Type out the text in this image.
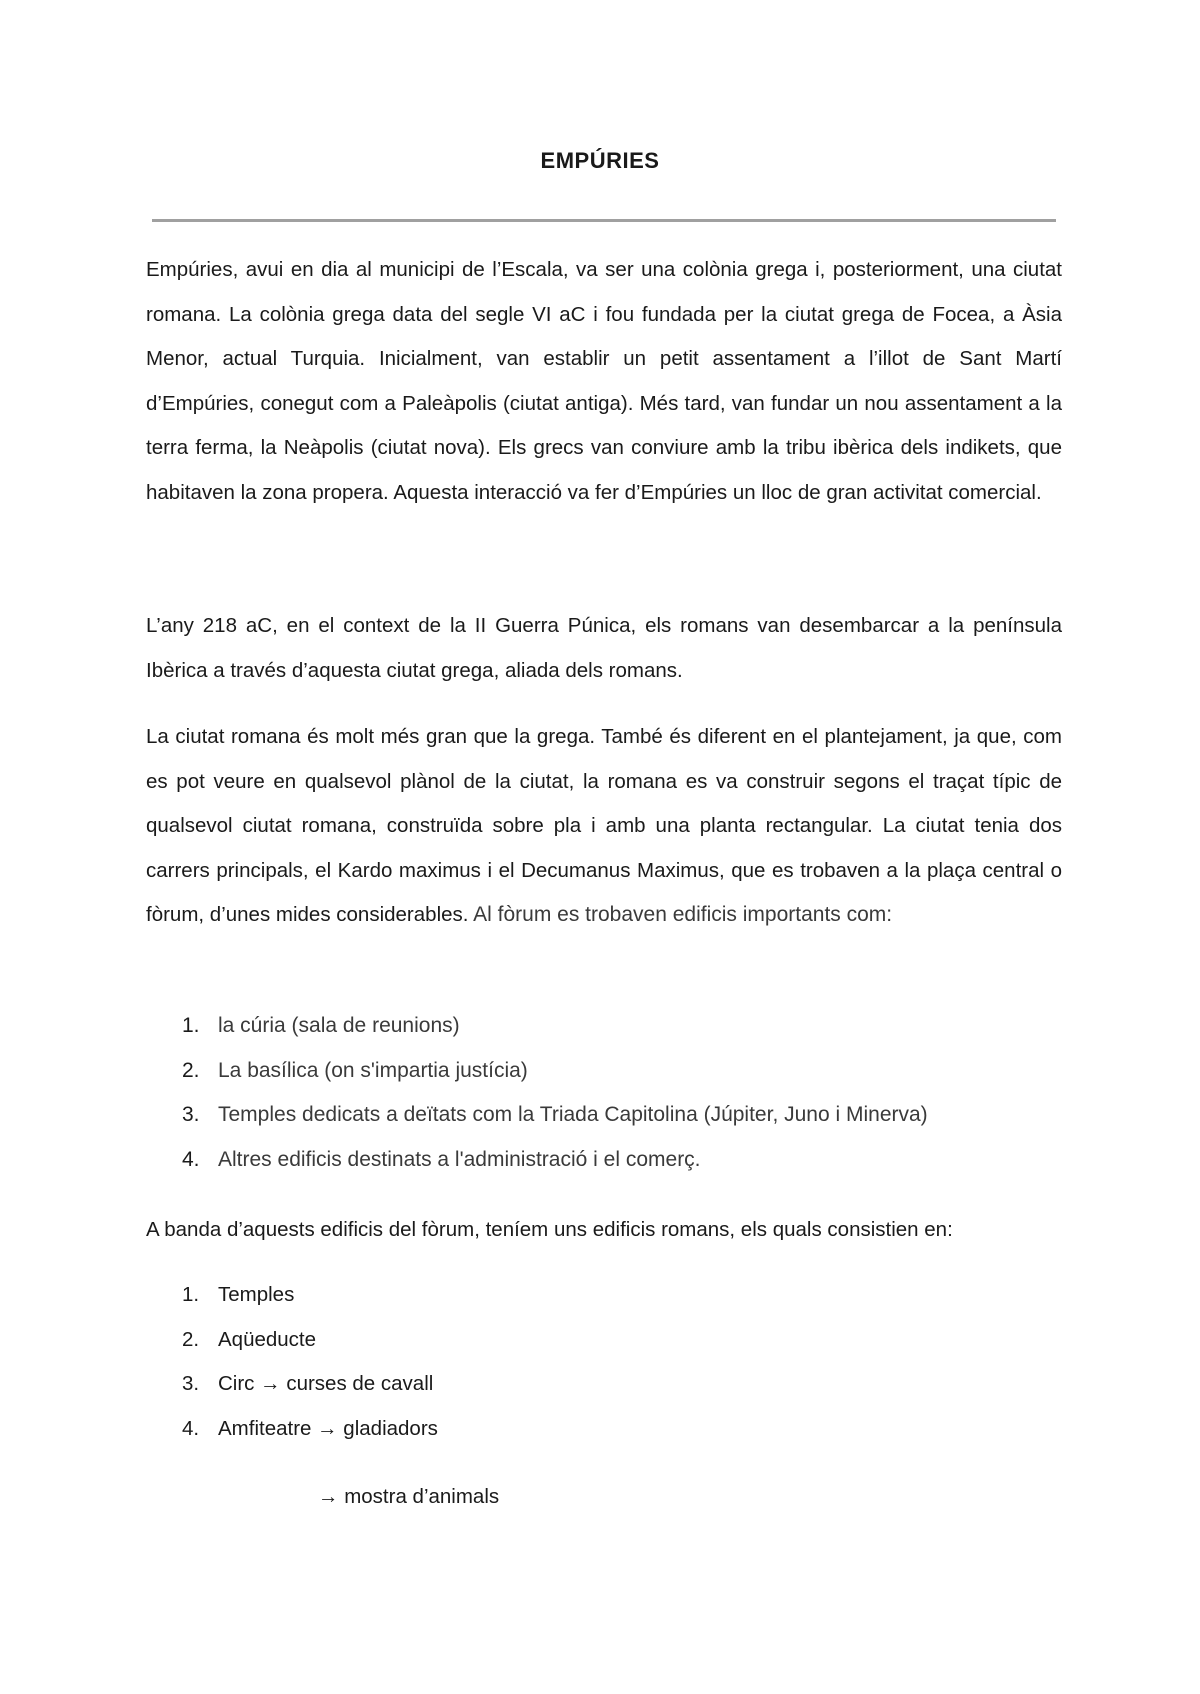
EMPÚRIES

Empúries, avui en dia al municipi de l’Escala, va ser una colònia grega i, posteriorment, una ciutat romana. La colònia grega data del segle VI aC i fou fundada per la ciutat grega de Focea, a Àsia Menor, actual Turquia. Inicialment, van establir un petit assentament a l’illot de Sant Martí d’Empúries, conegut com a Paleàpolis (ciutat antiga). Més tard, van fundar un nou assentament a la terra ferma, la Neàpolis (ciutat nova). Els grecs van conviure amb la tribu ibèrica dels indikets, que habitaven la zona propera. Aquesta interacció va fer d’Empúries un lloc de gran activitat comercial.

L’any 218 aC, en el context de la II Guerra Púnica, els romans van desembarcar a la península Ibèrica a través d’aquesta ciutat grega, aliada dels romans.

La ciutat romana és molt més gran que la grega. També és diferent en el plantejament, ja que, com es pot veure en qualsevol plànol de la ciutat, la romana es va construir segons el traçat típic de qualsevol ciutat romana, construïda sobre pla i amb una planta rectangular. La ciutat tenia dos carrers principals, el Kardo maximus i el Decumanus Maximus, que es trobaven a la plaça central o fòrum, d’unes mides considerables. Al fòrum es trobaven edificis importants com:

1. la cúria (sala de reunions)
2. La basílica (on s'impartia justícia)
3. Temples dedicats a deïtats com la Triada Capitolina (Júpiter, Juno i Minerva)
4. Altres edificis destinats a l'administració i el comerç.

A banda d’aquests edificis del fòrum, teníem uns edificis romans, els quals consistien en:

1. Temples
2. Aqüeducte
3. Circ → curses de cavall
4. Amfiteatre → gladiadors
→ mostra d’animals
